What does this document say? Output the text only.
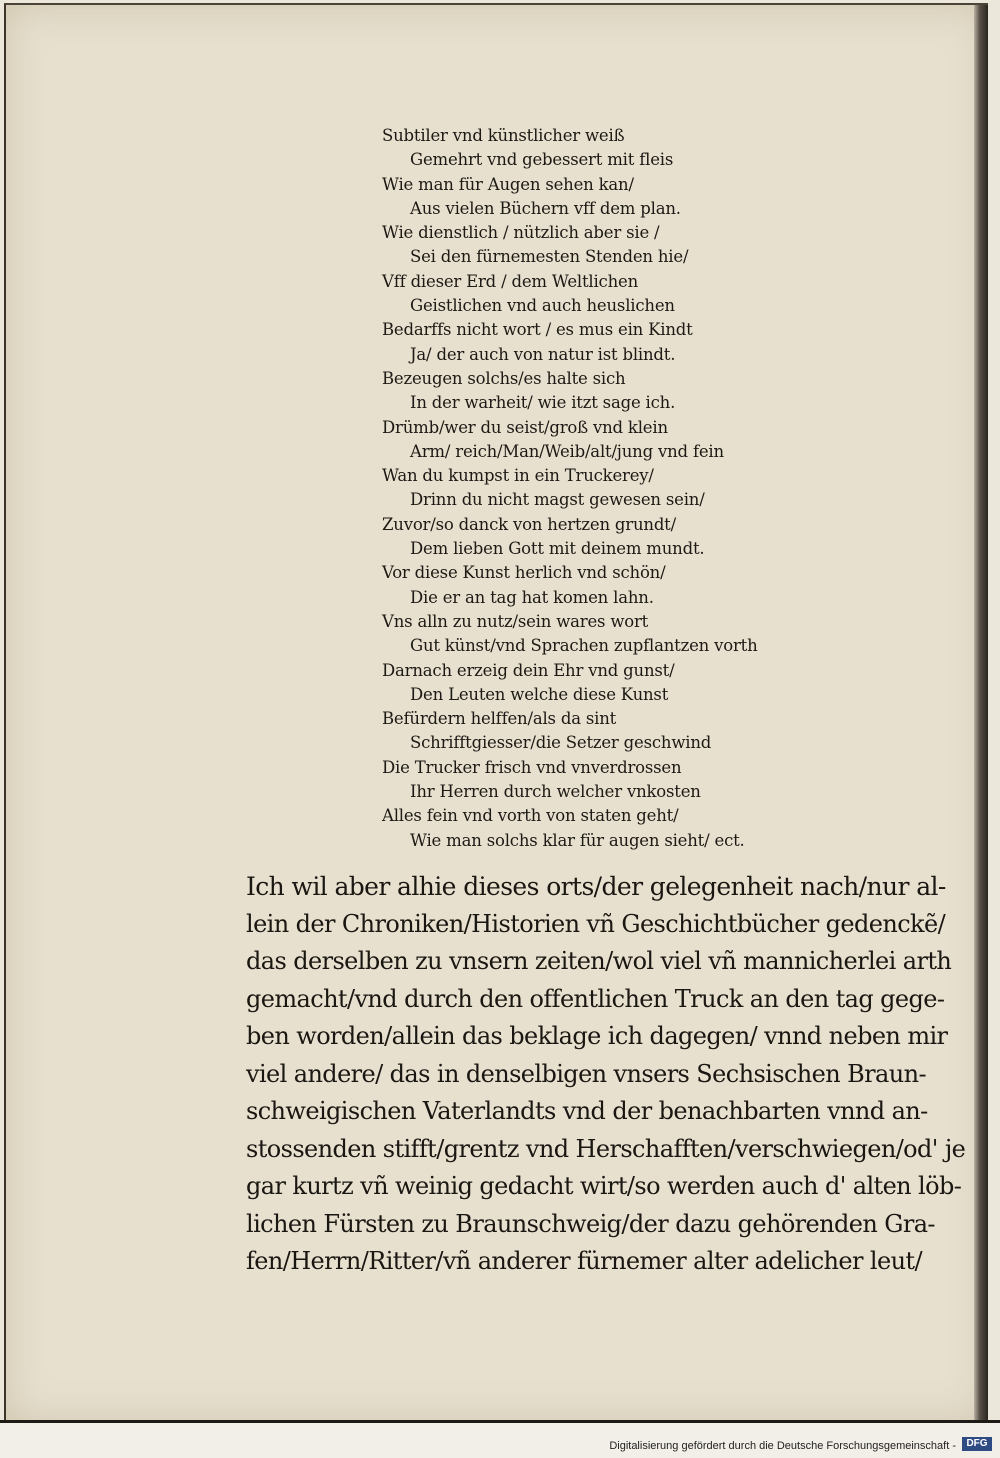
Subtiler vnd künstlicher weiß
Gemehrt vnd gebessert mit fleis
Wie man für Augen sehen kan/
Aus vielen Büchern vff dem plan.
Wie dienstlich / nützlich aber sie /
Sei den fürnemesten Stenden hie/
Vff dieser Erd / dem Weltlichen
Geistlichen vnd auch heuslichen
Bedarffs nicht wort / es mus ein Kindt
Ja/ der auch von natur ist blindt.
Bezeugen solchs/es halte sich
In der warheit/ wie itzt sage ich.
Drümb/wer du seist/groß vnd klein
Arm/ reich/Man/Weib/alt/jung vnd fein
Wan du kumpst in ein Truckerey/
Drinn du nicht magst gewesen sein/
Zuvor/so danck von hertzen grundt/
Dem lieben Gott mit deinem mundt.
Vor diese Kunst herlich vnd schön/
Die er an tag hat komen lahn.
Vns alln zu nutz/sein wares wort
Gut künst/vnd Sprachen zupflantzen vorth
Darnach erzeig dein Ehr vnd gunst/
Den Leuten welche diese Kunst
Befürdern helffen/als da sint
Schrifftgiesser/die Setzer geschwind
Die Trucker frisch vnd vnverdrossen
Ihr Herren durch welcher vnkosten
Alles fein vnd vorth von staten geht/
Wie man solchs klar für augen sieht/ ect.
Ich wil aber alhie dieses orts/der gelegenheit nach/nur al-
lein der Chroniken/Historien vñ Geschichtbücher gedenckẽ/
das derselben zu vnsern zeiten/wol viel vñ mannicherlei arth
gemacht/vnd durch den offentlichen Truck an den tag gege-
ben worden/allein das beklage ich dagegen/ vnnd neben mir
viel andere/ das in denselbigen vnsers Sechsischen Braun-
schweigischen Vaterlandts vnd der benachbarten vnnd an-
stossenden stifft/grentz vnd Herschafften/verschwiegen/od' je
gar kurtz vñ weinig gedacht wirt/so werden auch d' alten löb-
lichen Fürsten zu Braunschweig/der dazu gehörenden Gra-
fen/Herrn/Ritter/vñ anderer fürnemer alter adelicher leut/
Digitalisierung gefördert durch die Deutsche Forschungsgemeinschaft -	DFG
